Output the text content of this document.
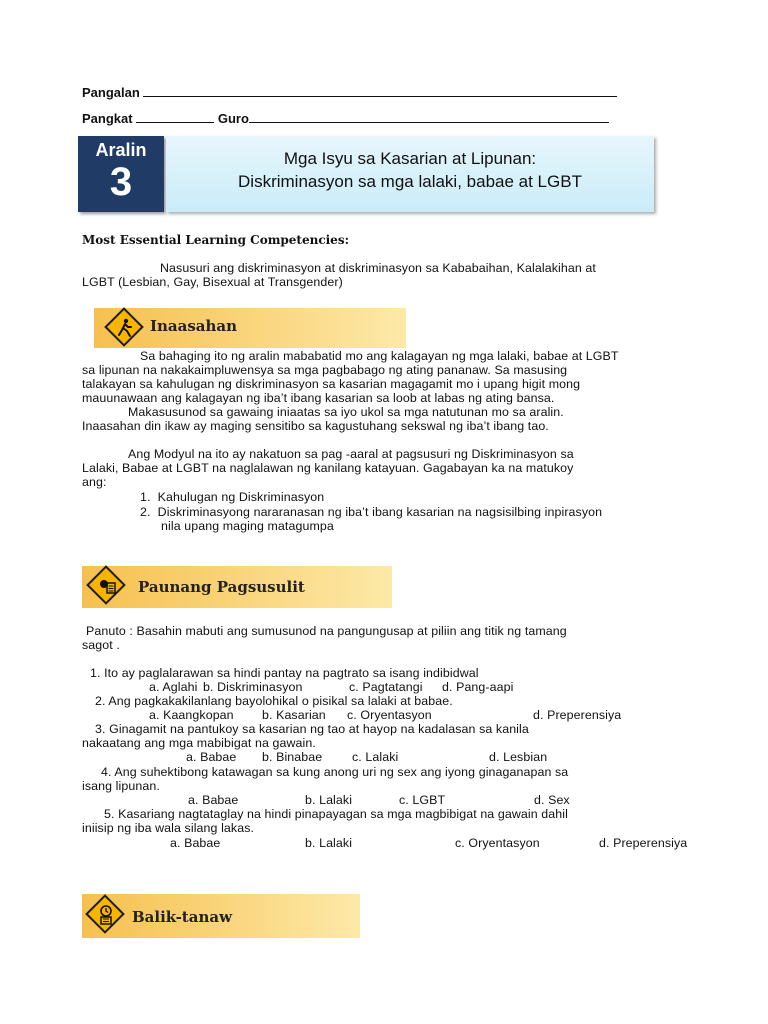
Pangalan
Pangkat	Guro
Aralin
3
Mga Isyu sa Kasarian at Lipunan:
Diskriminasyon sa mga lalaki, babae at LGBT
Most Essential Learning Competencies:
Nasusuri ang diskriminasyon at diskriminasyon sa Kababaihan, Kalalakihan at
LGBT (Lesbian, Gay, Bisexual at Transgender)
Inaasahan
Sa bahaging ito ng aralin mababatid mo ang kalagayan ng mga lalaki, babae at LGBT
sa lipunan na nakakaimpluwensya sa mga pagbabago ng ating pananaw. Sa masusing
talakayan sa kahulugan ng diskriminasyon sa kasarian magagamit mo i upang higit mong
mauunawaan ang kalagayan ng iba’t ibang kasarian sa loob at labas ng ating bansa.
Makasusunod sa gawaing iniaatas sa iyo ukol sa mga natutunan mo sa aralin.
Inaasahan din ikaw ay maging sensitibo sa kagustuhang sekswal ng iba’t ibang tao.
Ang Modyul na ito ay nakatuon sa pag -aaral at pagsusuri ng Diskriminasyon sa
Lalaki, Babae at LGBT na naglalawan ng kanilang katayuan. Gagabayan ka na matukoy
ang:
1. Kahulugan ng Diskriminasyon
2. Diskriminasyong nararanasan ng iba’t ibang kasarian na nagsisilbing inpirasyon
nila upang maging matagumpa
Paunang Pagsusulit
Panuto : Basahin mabuti ang sumusunod na pangungusap at piliin ang titik ng tamang
sagot .
1. Ito ay paglalarawan sa hindi pantay na pagtrato sa isang indibidwal
a. Aglahi b. Diskriminasyon	c. Pagtatangi d. Pang-aapi
2. Ang pagkakakilanlang bayolohikal o pisikal sa lalaki at babae.
a. Kaangkopan b. Kasarian c. Oryentasyon	d. Preperensiya
3. Ginagamit na pantukoy sa kasarian ng tao at hayop na kadalasan sa kanila
nakaatang ang mga mabibigat na gawain.
a. Babae b. Binabae c. Lalaki	d. Lesbian
4. Ang suhektibong katawagan sa kung anong uri ng sex ang iyong ginaganapan sa
isang lipunan.
a. Babae	b. Lalaki	c. LGBT	d. Sex
5. Kasariang nagtataglay na hindi pinapayagan sa mga magbibigat na gawain dahil
iniisip ng iba wala silang lakas.
a. Babae	b. Lalaki	c. Oryentasyon	d. Preperensiya
Balik-tanaw
